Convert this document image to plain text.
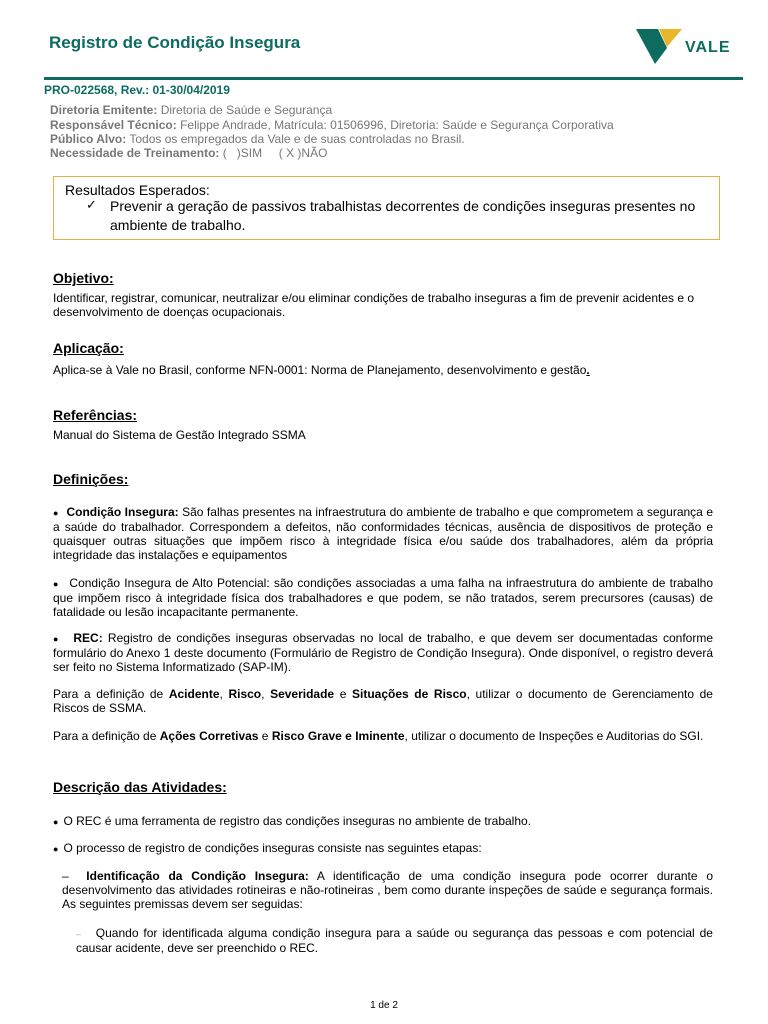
Registro de Condição Insegura	VALE
PRO-022568, Rev.: 01-30/04/2019
Diretoria Emitente: Diretoria de Saúde e Segurança
Responsável Técnico: Felippe Andrade, Matrícula: 01506996, Diretoria: Saúde e Segurança Corporativa
Público Alvo: Todos os empregados da Vale e de suas controladas no Brasil.
Necessidade de Treinamento: (   )SIM     ( X )NÃO
Resultados Esperados:
✓ Prevenir a geração de passivos trabalhistas decorrentes de condições inseguras presentes no ambiente de trabalho.
Objetivo:
Identificar, registrar, comunicar, neutralizar e/ou eliminar condições de trabalho inseguras a fim de prevenir acidentes e o desenvolvimento de doenças ocupacionais.
Aplicação:
Aplica-se à Vale no Brasil, conforme NFN-0001: Norma de Planejamento, desenvolvimento e gestão.
Referências:
Manual do Sistema de Gestão Integrado SSMA
Definições:
●   Condição Insegura: São falhas presentes na infraestrutura do ambiente de trabalho e que comprometem a segurança e a saúde do trabalhador. Correspondem a defeitos, não conformidades técnicas, ausência de dispositivos de proteção e quaisquer outras situações que impõem risco à integridade física e/ou saúde dos trabalhadores, além da própria integridade das instalações e equipamentos
●   Condição Insegura de Alto Potencial: são condições associadas a uma falha na infraestrutura do ambiente de trabalho que impõem risco à integridade física dos trabalhadores e que podem, se não tratados, serem precursores (causas) de fatalidade ou lesão incapacitante permanente.
●   REC: Registro de condições inseguras observadas no local de trabalho, e que devem ser documentadas conforme formulário do Anexo 1 deste documento (Formulário de Registro de Condição Insegura). Onde disponível, o registro deverá ser feito no Sistema Informatizado (SAP-IM).
Para a definição de Acidente, Risco, Severidade e Situações de Risco, utilizar o documento de Gerenciamento de Riscos de SSMA.
Para a definição de Ações Corretivas e Risco Grave e Iminente, utilizar o documento de Inspeções e Auditorias do SGI.
Descrição das Atividades:
●  O REC é uma ferramenta de registro das condições inseguras no ambiente de trabalho.
●  O processo de registro de condições inseguras consiste nas seguintes etapas:
– Identificação da Condição Insegura: A identificação de uma condição insegura pode ocorrer durante o desenvolvimento das atividades rotineiras e não-rotineiras , bem como durante inspeções de saúde e segurança formais. As seguintes premissas devem ser seguidas:
– Quando for identificada alguma condição insegura para a saúde ou segurança das pessoas e com potencial de causar acidente, deve ser preenchido o REC.
1 de 2
